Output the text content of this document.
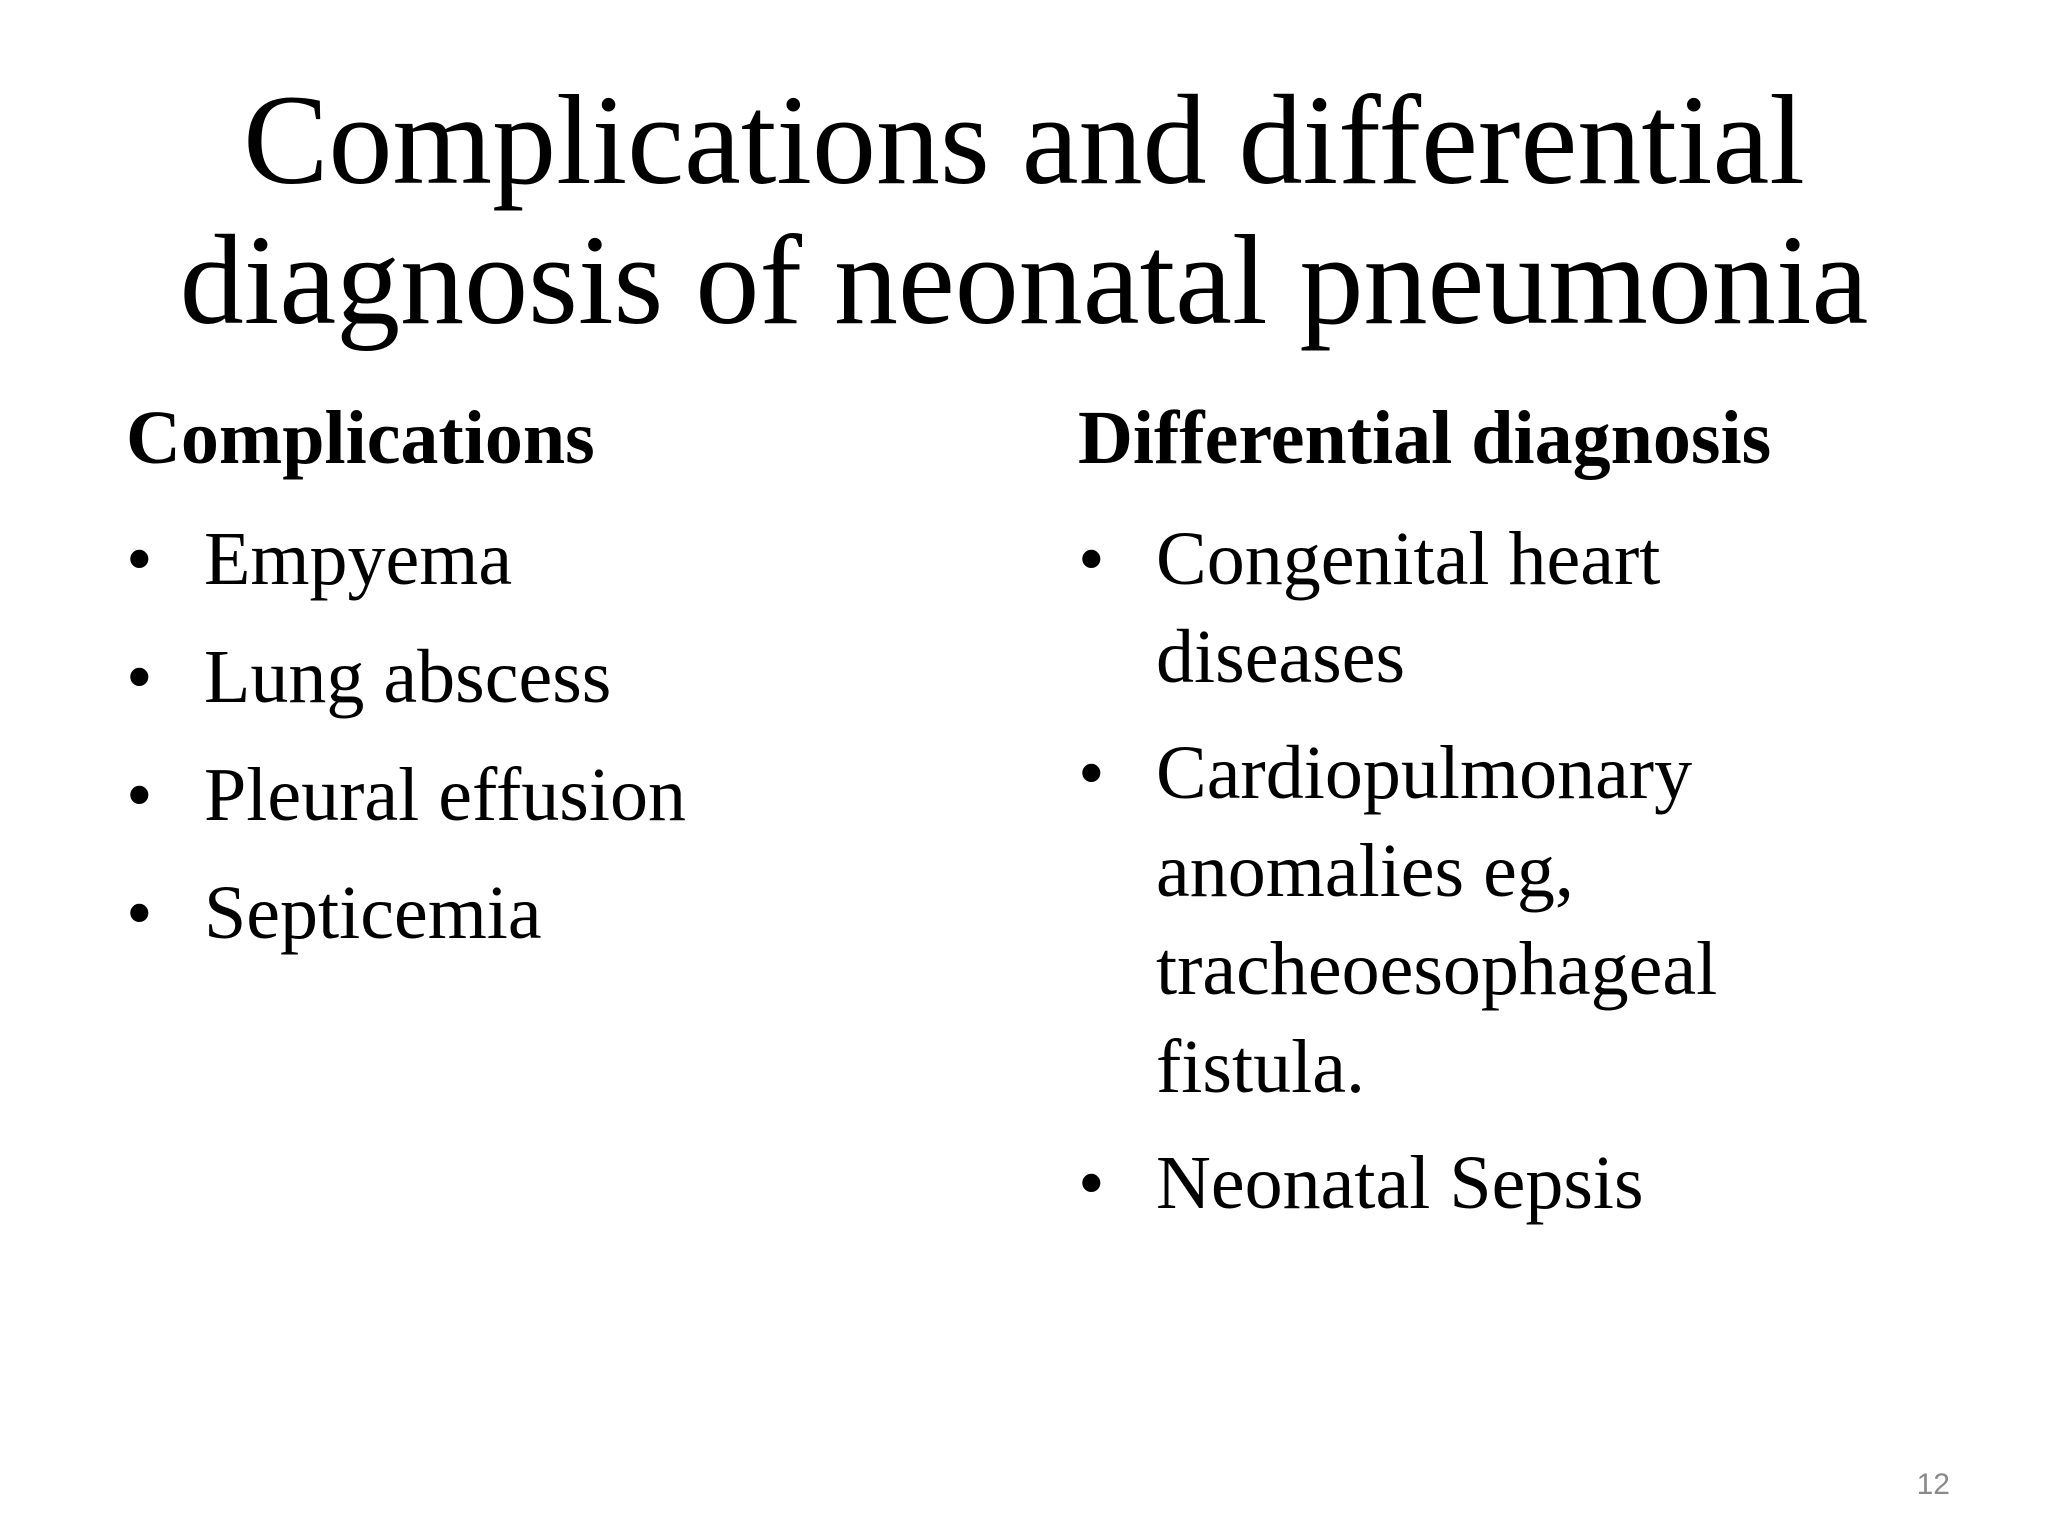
Complications and differential
diagnosis of neonatal pneumonia
Complications
• Empyema
• Lung abscess
• Pleural effusion
• Septicemia
Differential diagnosis
• Congenital heart
diseases
• Cardiopulmonary
anomalies eg,
tracheoesophageal
fistula.
• Neonatal Sepsis
12
